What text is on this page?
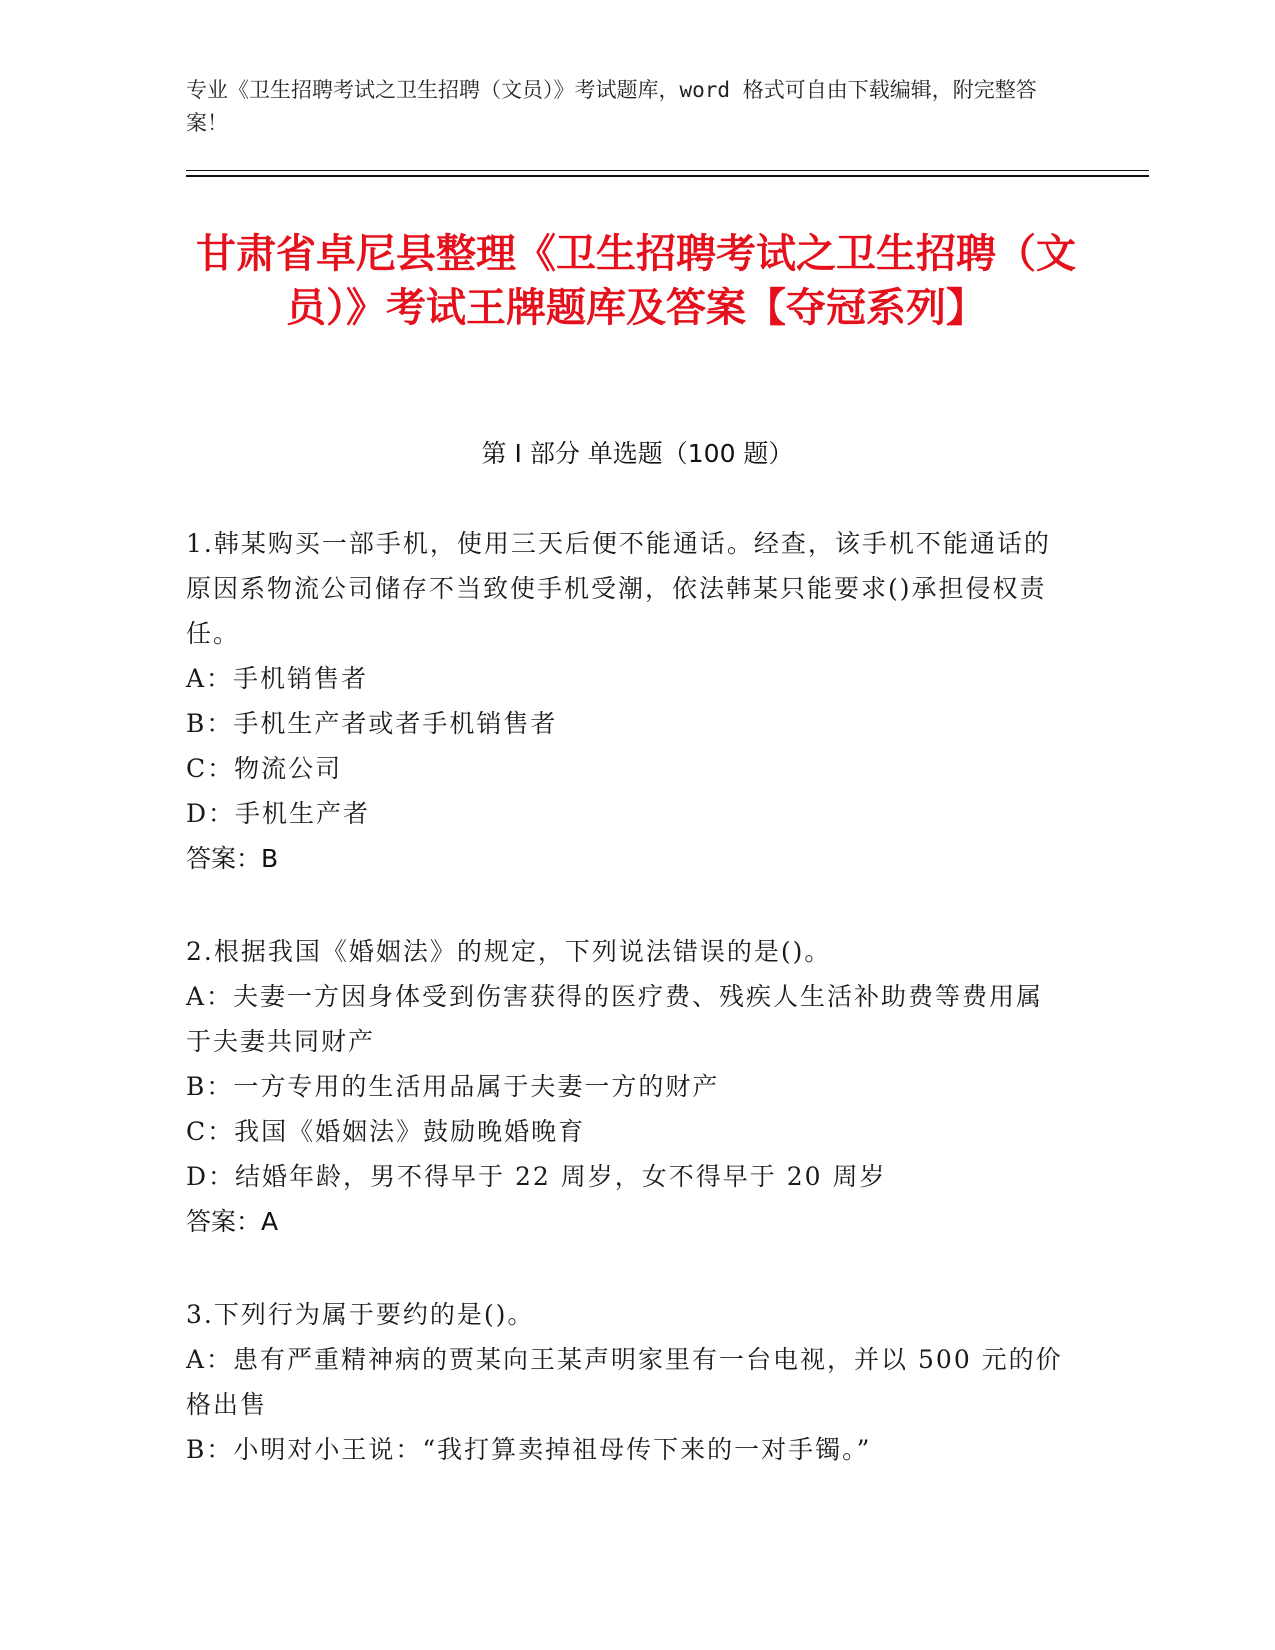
专业《卫生招聘考试之卫生招聘（文员）》考试题库，word 格式可自由下载编辑，附完整答案！
甘肃省卓尼县整理《卫生招聘考试之卫生招聘（文员）》考试王牌题库及答案【夺冠系列】
第 I 部分 单选题（100 题）
1.韩某购买一部手机，使用三天后便不能通话。经查，该手机不能通话的原因系物流公司储存不当致使手机受潮，依法韩某只能要求()承担侵权责任。
A：手机销售者
B：手机生产者或者手机销售者
C：物流公司
D：手机生产者
答案：B
2.根据我国《婚姻法》的规定，下列说法错误的是()。
A：夫妻一方因身体受到伤害获得的医疗费、残疾人生活补助费等费用属于夫妻共同财产
B：一方专用的生活用品属于夫妻一方的财产
C：我国《婚姻法》鼓励晚婚晚育
D：结婚年龄，男不得早于 22 周岁，女不得早于 20 周岁
答案：A
3.下列行为属于要约的是()。
A：患有严重精神病的贾某向王某声明家里有一台电视，并以 500 元的价格出售
B：小明对小王说：“我打算卖掉祖母传下来的一对手镯。”
